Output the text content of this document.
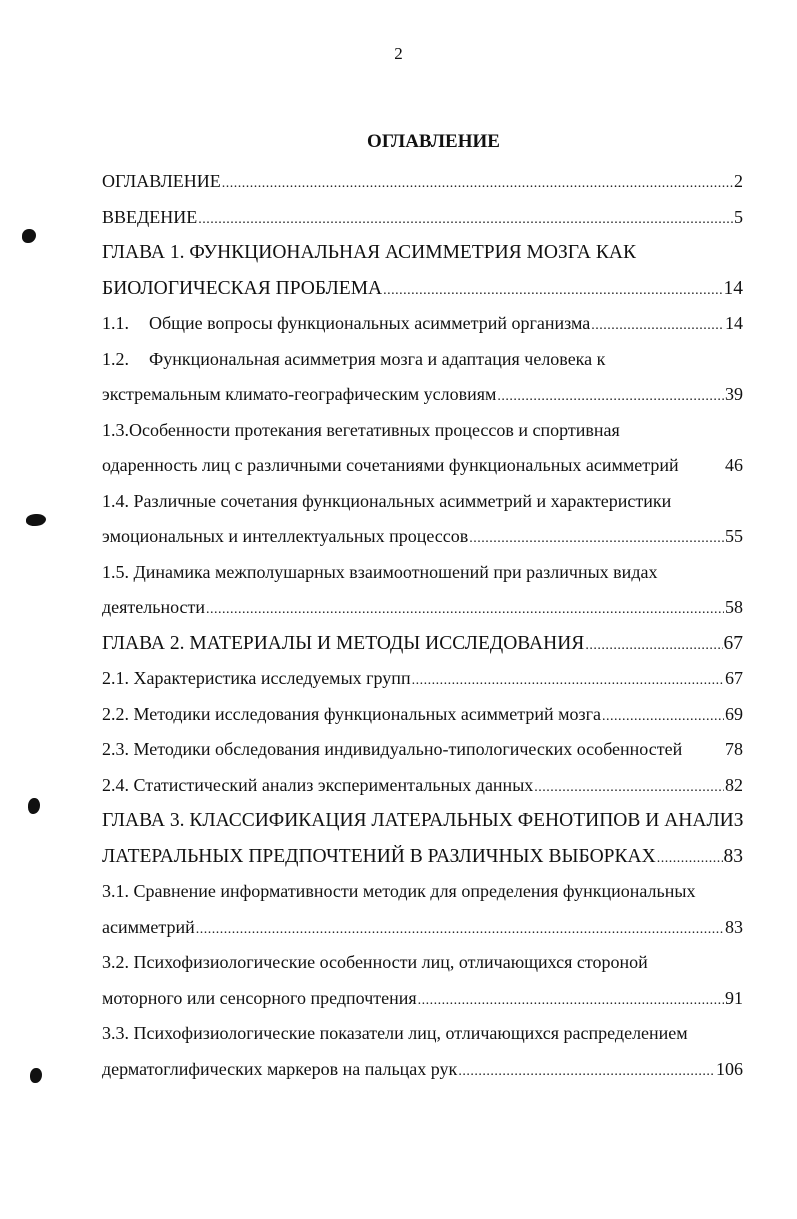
2
ОГЛАВЛЕНИЕ
ОГЛАВЛЕНИЕ .....	2
ВВЕДЕНИЕ .....	5
ГЛАВА 1. ФУНКЦИОНАЛЬНАЯ АСИММЕТРИЯ МОЗГА КАК
БИОЛОГИЧЕСКАЯ ПРОБЛЕМА .....	14
1.1. Общие вопросы функциональных асимметрий организма .....	14
1.2. Функциональная асимметрия мозга и адаптация человека к
экстремальным климато-географическим условиям .....	39
1.3.Особенности протекания вегетативных процессов и спортивная
одаренность лиц с различными сочетаниями функциональных асимметрий	46
1.4. Различные сочетания функциональных асимметрий и характеристики
эмоциональных и интеллектуальных процессов .....	55
1.5. Динамика межполушарных взаимоотношений при различных видах
деятельности .....	58
ГЛАВА 2. МАТЕРИАЛЫ И МЕТОДЫ ИССЛЕДОВАНИЯ .....	67
2.1. Характеристика исследуемых групп .....	67
2.2. Методики исследования функциональных асимметрий мозга .....	69
2.3. Методики обследования индивидуально-типологических особенностей 78
2.4. Статистический анализ экспериментальных данных .....	82
ГЛАВА 3. КЛАССИФИКАЦИЯ ЛАТЕРАЛЬНЫХ ФЕНОТИПОВ И АНАЛИЗ
ЛАТЕРАЛЬНЫХ ПРЕДПОЧТЕНИЙ В РАЗЛИЧНЫХ ВЫБОРКАХ .....	83
3.1. Сравнение информативности методик для определения функциональных
асимметрий .....	83
3.2. Психофизиологические особенности лиц, отличающихся стороной
моторного или сенсорного предпочтения .....	91
3.3. Психофизиологические показатели лиц, отличающихся распределением
дерматоглифических маркеров на пальцах рук .....	106
